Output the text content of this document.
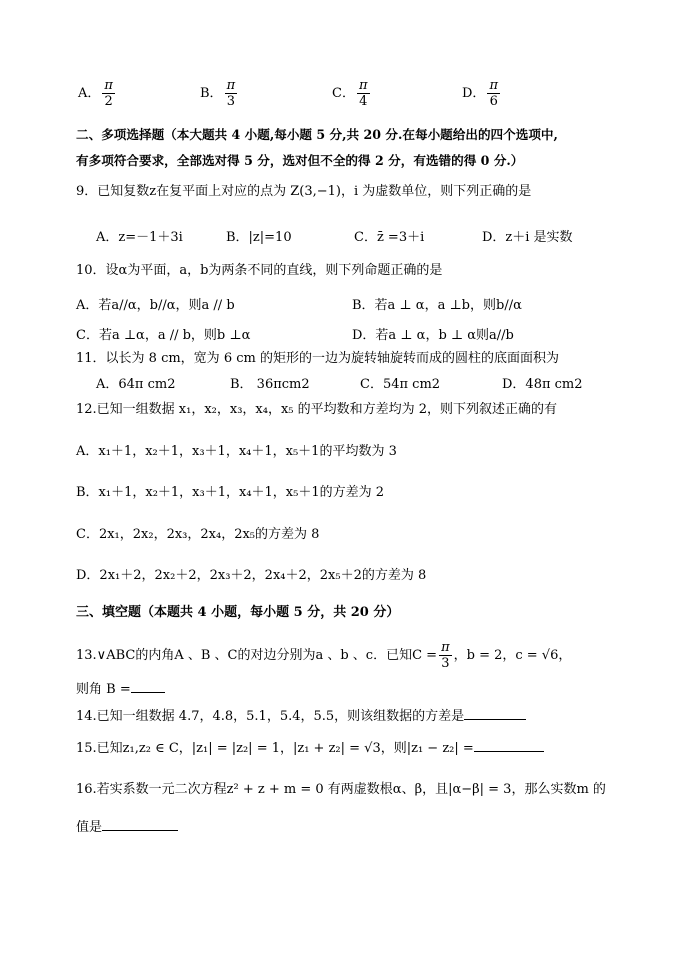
A． $\frac{\pi}{2}$	B． $\frac{\pi}{3}$	C． $\frac{\pi}{4}$	D． $\frac{\pi}{6}$
二、多项选择题（本大题共 4 小题,每小题 5 分,共 20 分.在每小题给出的四个选项中,
有多项符合要求，全部选对得 5 分，选对但不全的得 2 分，有选错的得 0 分.）
9．已知复数z在复平面上对应的点为 Z(3,−1)，i 为虚数单位，则下列正确的是
A．z=－1＋3i	B．|z|=10	C．z̄ =3＋i	D．z＋i 是实数
10．设α为平面，a，b为两条不同的直线，则下列命题正确的是
A．若a//α，b//α，则a // b	B．若a ⊥ α，a ⊥b，则b//α
C．若a ⊥α，a // b，则b ⊥α	D．若a ⊥ α，b ⊥ α则a//b
11．以长为 8 cm，宽为 6 cm 的矩形的一边为旋转轴旋转而成的圆柱的底面面积为
A．64π cm2	B． 36πcm2	C．54π cm2	D．48π cm2
12.已知一组数据 x₁，x₂，x₃，x₄，x₅ 的平均数和方差均为 2，则下列叙述正确的有
A．x₁＋1，x₂＋1，x₃＋1，x₄＋1，x₅＋1的平均数为 3
B．x₁＋1，x₂＋1，x₃＋1，x₄＋1，x₅＋1的方差为 2
C．2x₁，2x₂，2x₃，2x₄，2x₅的方差为 8
D．2x₁＋2，2x₂＋2，2x₃＋2，2x₄＋2，2x₅＋2的方差为 8
三、填空题（本题共 4 小题，每小题 5 分，共 20 分）
13.∨ABC的内角A 、B 、C的对边分别为a 、b 、c．已知$C = \frac{\pi}{3}$ ，b = 2，c = √6，
则角 B =
14.已知一组数据 4.7，4.8，5.1，5.4，5.5，则该组数据的方差是
15.已知z₁,z₂ ∈ C，|z₁| = |z₂| = 1，|z₁ + z₂| = √3，则|z₁ − z₂| =
16.若实系数一元二次方程z² + z + m = 0 有两虚数根α、β，且|α−β| = 3，那么实数m 的
值是
